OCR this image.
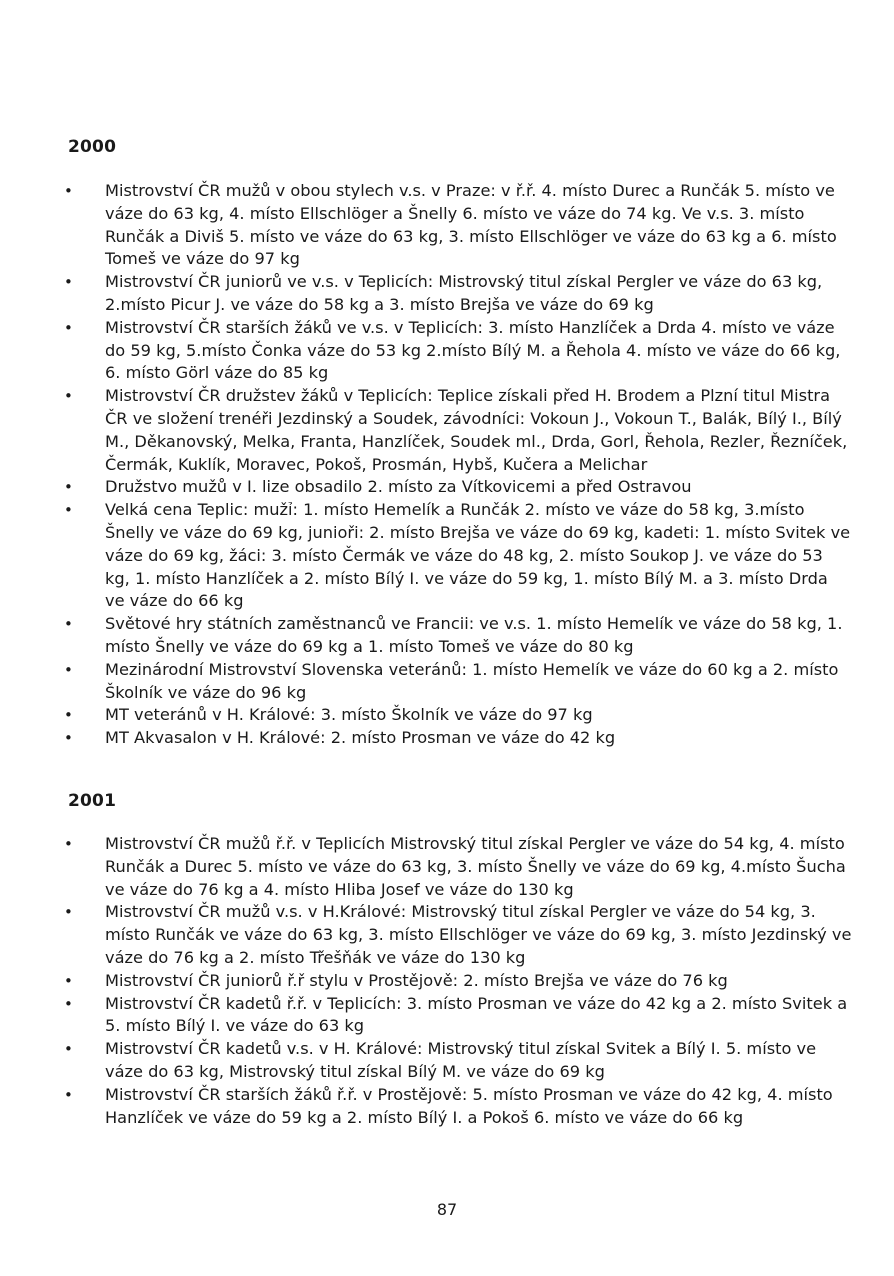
2000
• Mistrovství ČR mužů v obou stylech v.s. v Praze: v ř.ř. 4. místo Durec a Runčák 5. místo ve váze do 63 kg, 4. místo Ellschlöger a Šnelly 6. místo ve váze do 74 kg. Ve v.s. 3. místo Runčák a Diviš 5. místo ve váze do 63 kg, 3. místo Ellschlöger ve váze do 63 kg a 6. místo Tomeš ve váze do 97 kg
• Mistrovství ČR juniorů ve v.s. v Teplicích: Mistrovský titul získal Pergler ve váze do 63 kg, 2.místo Picur J. ve váze do 58 kg a 3. místo Brejša ve váze do 69 kg
• Mistrovství ČR starších žáků ve v.s. v Teplicích: 3. místo Hanzlíček a Drda 4. místo ve váze do 59 kg, 5.místo Čonka váze do 53 kg 2.místo Bílý M. a Řehola 4. místo ve váze do 66 kg, 6. místo Görl váze do 85 kg
• Mistrovství ČR družstev žáků v Teplicích: Teplice získali před H. Brodem a Plzní titul Mistra ČR ve složení trenéři Jezdinský a Soudek, závodníci: Vokoun J., Vokoun T., Balák, Bílý I., Bílý M., Děkanovský, Melka, Franta, Hanzlíček, Soudek ml., Drda, Gorl, Řehola, Rezler, Řezníček, Čermák, Kuklík, Moravec, Pokoš, Prosmán, Hybš, Kučera a Melichar
• Družstvo mužů v I. lize obsadilo 2. místo za Vítkovicemi a před Ostravou
• Velká cena Teplic: mužỉ: 1. místo Hemelík a Runčák 2. místo ve váze do 58 kg, 3.místo Šnelly ve váze do 69 kg, junioři: 2. místo Brejša ve váze do 69 kg, kadeti: 1. místo Svitek ve váze do 69 kg, žáci: 3. místo Čermák ve váze do 48 kg, 2. místo Soukop J. ve váze do 53 kg, 1. místo Hanzlíček a 2. místo Bílý I. ve váze do 59 kg, 1. místo Bílý M. a 3. místo Drda ve váze do 66 kg
• Světové hry státních zaměstnanců ve Francii: ve v.s. 1. místo Hemelík ve váze do 58 kg, 1. místo Šnelly ve váze do 69 kg a 1. místo Tomeš ve váze do 80 kg
• Mezinárodní Mistrovství Slovenska veteránů: 1. místo Hemelík ve váze do 60 kg a 2. místo Školník ve váze do 96 kg
• MT veteránů v H. Králové: 3. místo Školník ve váze do 97 kg
• MT Akvasalon v H. Králové: 2. místo Prosman ve váze do 42 kg
2001
• Mistrovství ČR mužů ř.ř. v Teplicích Mistrovský titul získal Pergler ve váze do 54 kg, 4. místo Runčák a Durec 5. místo ve váze do 63 kg, 3. místo Šnelly ve váze do 69 kg, 4.místo Šucha ve váze do 76 kg a 4. místo Hliba Josef ve váze do 130 kg
• Mistrovství ČR mužů v.s. v H.Králové: Mistrovský titul získal Pergler ve váze do 54 kg, 3. místo Runčák ve váze do 63 kg, 3. místo Ellschlöger ve váze do 69 kg, 3. místo Jezdinský ve váze do 76 kg a 2. místo Třešňák ve váze do 130 kg
• Mistrovství ČR juniorů ř.ř stylu v Prostějově: 2. místo Brejša ve váze do 76 kg
• Mistrovství ČR kadetů ř.ř. v Teplicích: 3. místo Prosman ve váze do 42 kg a 2. místo Svitek a 5. místo Bílý I. ve váze do 63 kg
• Mistrovství ČR kadetů v.s. v H. Králové: Mistrovský titul získal Svitek a Bílý I. 5. místo ve váze do 63 kg, Mistrovský titul získal Bílý M. ve váze do 69 kg
• Mistrovství ČR starších žáků ř.ř. v Prostějově: 5. místo Prosman ve váze do 42 kg, 4. místo Hanzlíček ve váze do 59 kg a 2. místo Bílý I. a Pokoš 6. místo ve váze do 66 kg
87
